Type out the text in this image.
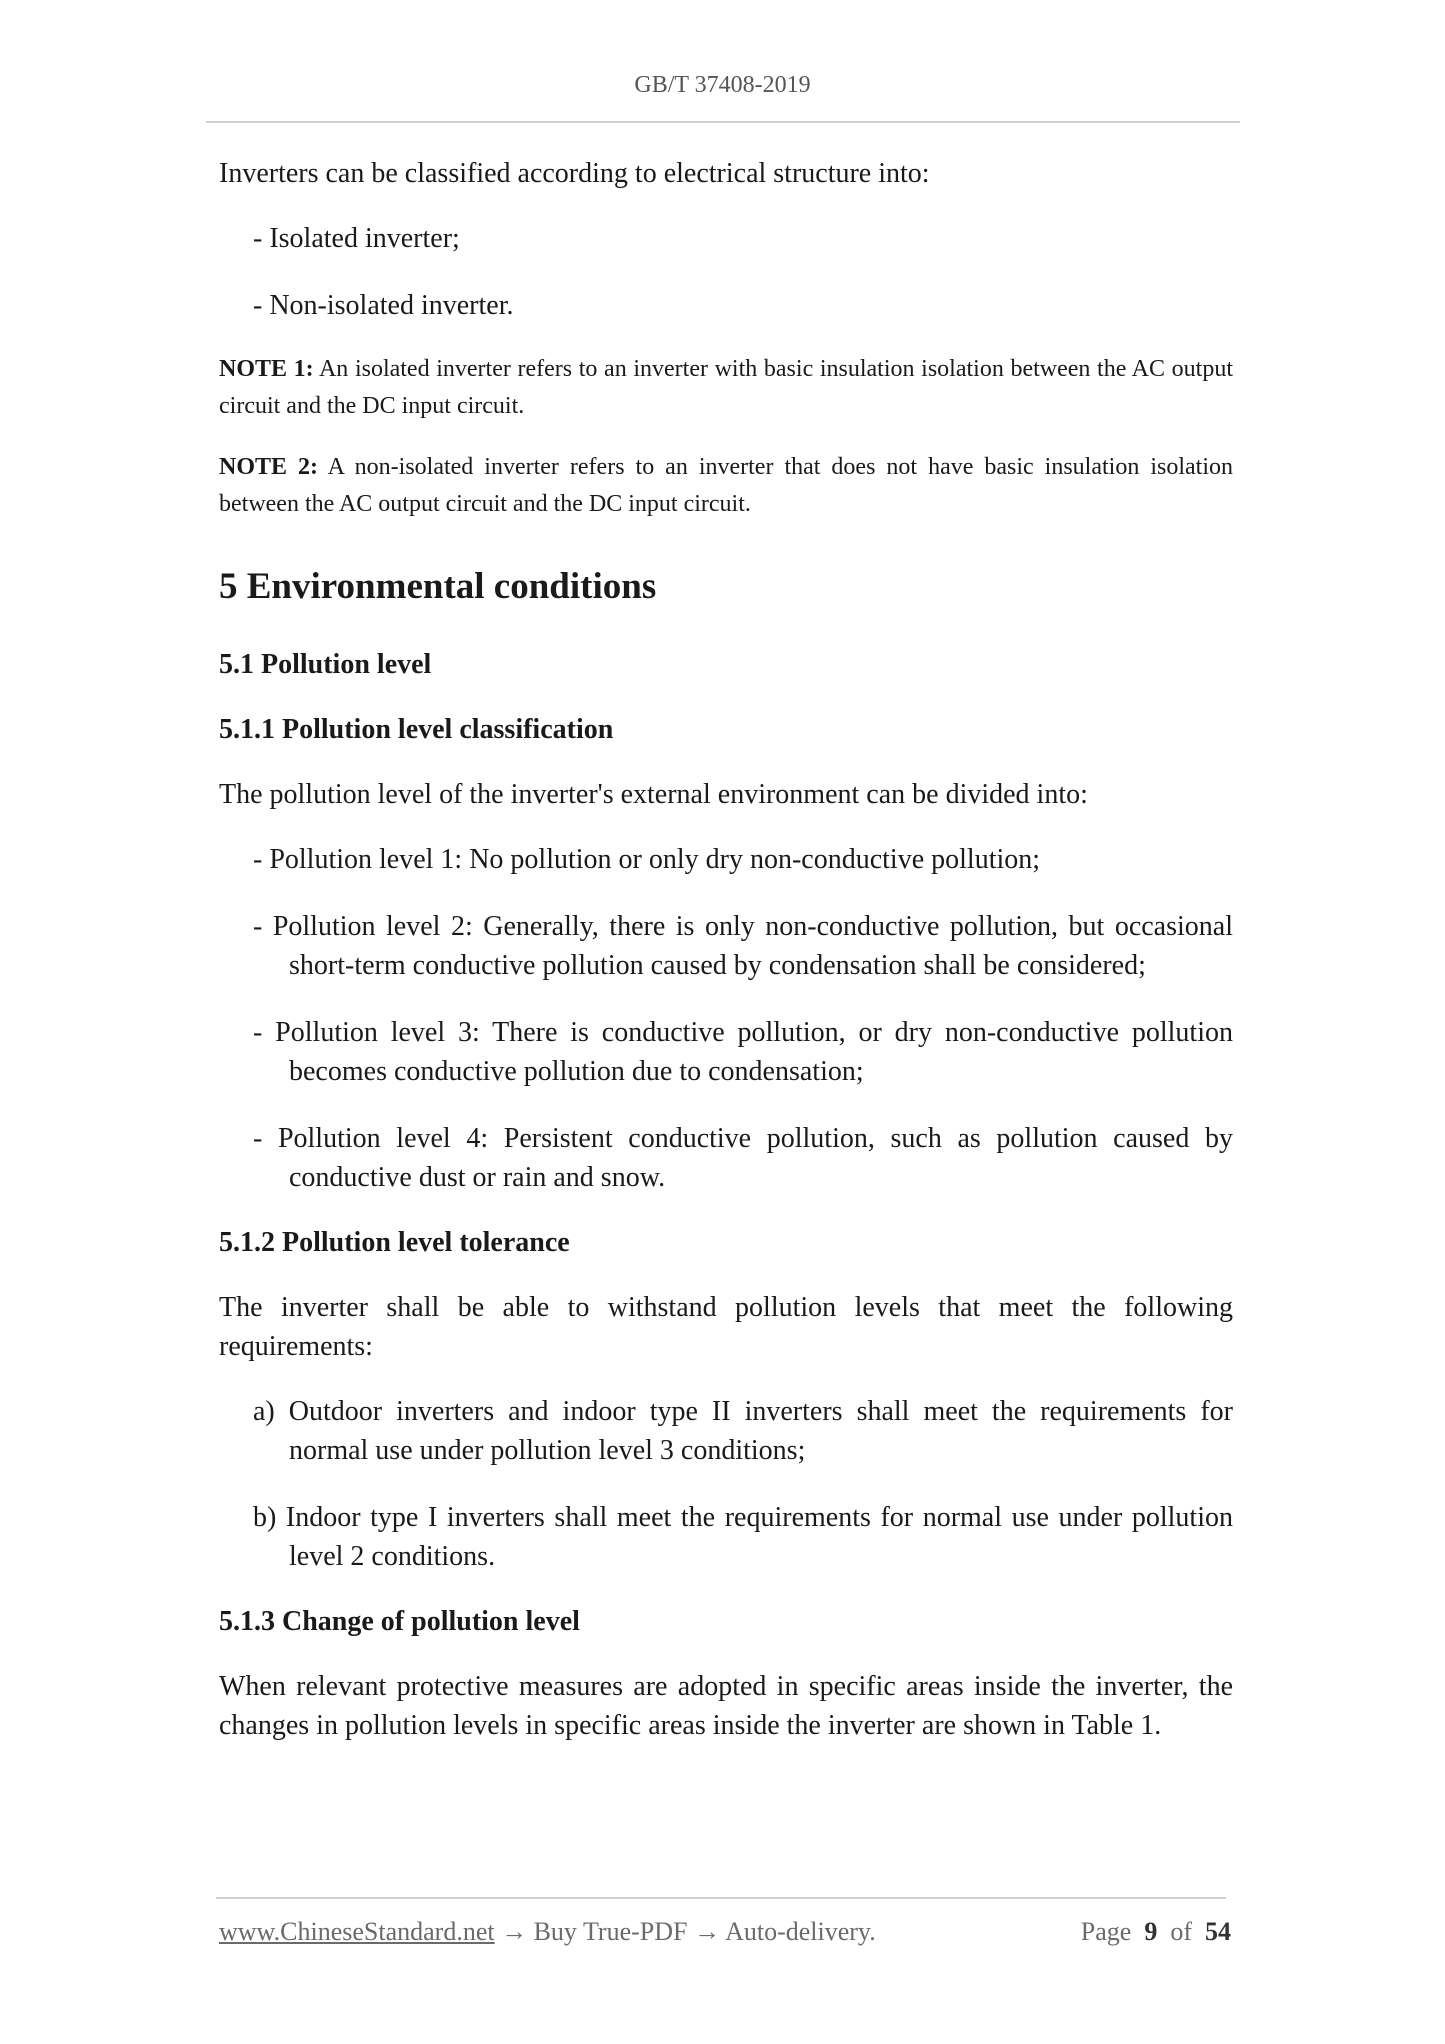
GB/T 37408-2019

Inverters can be classified according to electrical structure into:

- Isolated inverter;

- Non-isolated inverter.

NOTE 1: An isolated inverter refers to an inverter with basic insulation isolation between the AC output circuit and the DC input circuit.

NOTE 2: A non-isolated inverter refers to an inverter that does not have basic insulation isolation between the AC output circuit and the DC input circuit.

5 Environmental conditions
5.1 Pollution level
5.1.1 Pollution level classification

The pollution level of the inverter's external environment can be divided into:

- Pollution level 1: No pollution or only dry non-conductive pollution;

- Pollution level 2: Generally, there is only non-conductive pollution, but occasional short-term conductive pollution caused by condensation shall be considered;

- Pollution level 3: There is conductive pollution, or dry non-conductive pollution becomes conductive pollution due to condensation;

- Pollution level 4: Persistent conductive pollution, such as pollution caused by conductive dust or rain and snow.

5.1.2 Pollution level tolerance

The inverter shall be able to withstand pollution levels that meet the following requirements:

a) Outdoor inverters and indoor type II inverters shall meet the requirements for normal use under pollution level 3 conditions;

b) Indoor type I inverters shall meet the requirements for normal use under pollution level 2 conditions.

5.1.3 Change of pollution level

When relevant protective measures are adopted in specific areas inside the inverter, the changes in pollution levels in specific areas inside the inverter are shown in Table 1.

www.ChineseStandard.net → Buy True-PDF → Auto-delivery.	Page 9 of 54
